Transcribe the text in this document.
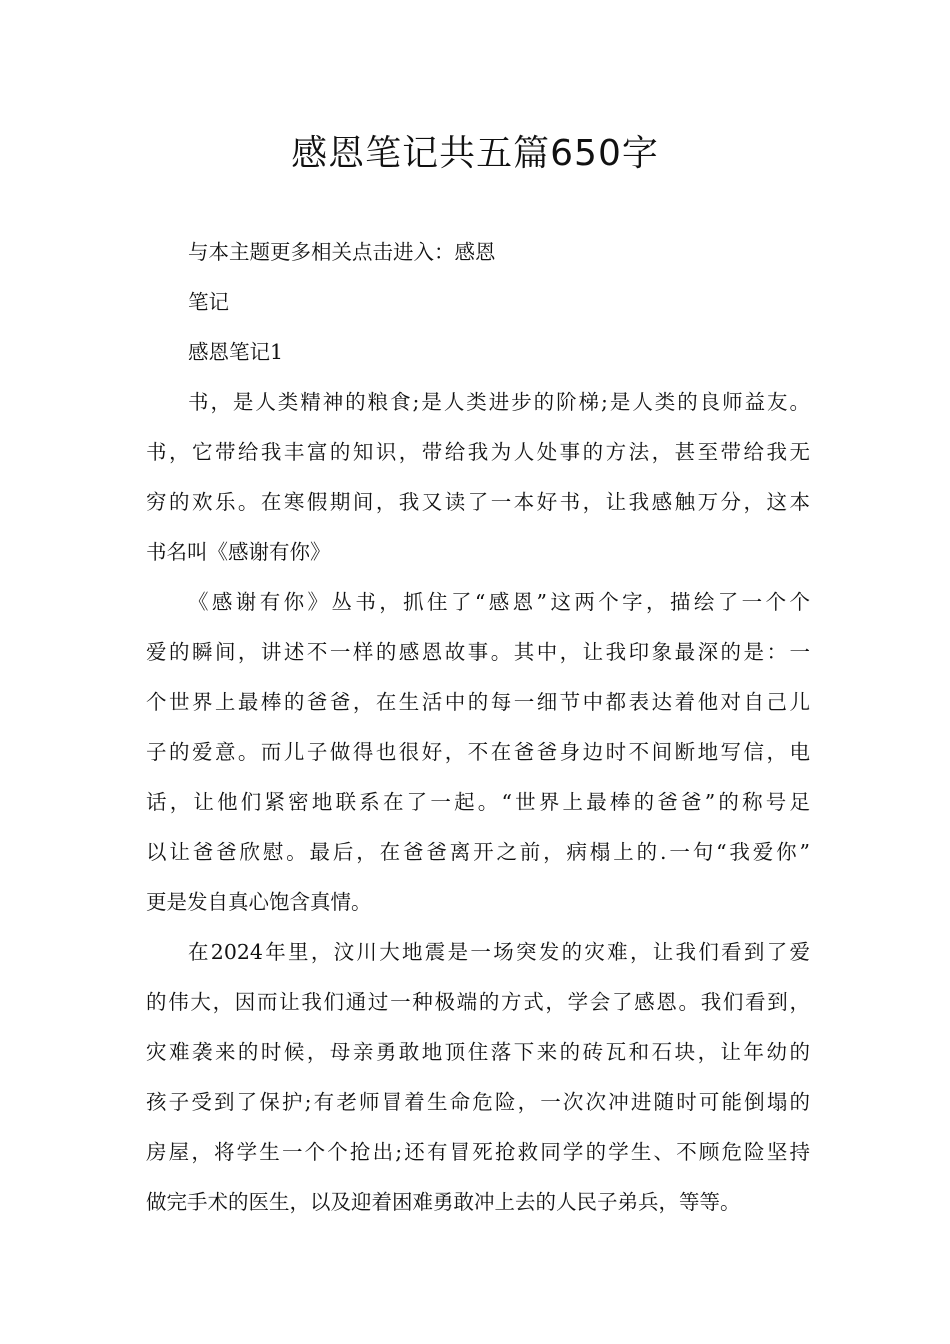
感恩笔记共五篇650字
与本主题更多相关点击进入：感恩
笔记
感恩笔记1
书，是人类精神的粮食;是人类进步的阶梯;是人类的良师益友。
书，它带给我丰富的知识，带给我为人处事的方法，甚至带给我无
穷的欢乐。在寒假期间，我又读了一本好书，让我感触万分，这本
书名叫《感谢有你》
《感谢有你》丛书，抓住了“感恩”这两个字，描绘了一个个
爱的瞬间，讲述不一样的感恩故事。其中，让我印象最深的是：一
个世界上最棒的爸爸，在生活中的每一细节中都表达着他对自己儿
子的爱意。而儿子做得也很好，不在爸爸身边时不间断地写信，电
话，让他们紧密地联系在了一起。“世界上最棒的爸爸”的称号足
以让爸爸欣慰。最后，在爸爸离开之前，病榻上的.一句“我爱你”
更是发自真心饱含真情。
在2024年里，汶川大地震是一场突发的灾难，让我们看到了爱
的伟大，因而让我们通过一种极端的方式，学会了感恩。我们看到，
灾难袭来的时候，母亲勇敢地顶住落下来的砖瓦和石块，让年幼的
孩子受到了保护;有老师冒着生命危险，一次次冲进随时可能倒塌的
房屋，将学生一个个抢出;还有冒死抢救同学的学生、不顾危险坚持
做完手术的医生，以及迎着困难勇敢冲上去的人民子弟兵，等等。
